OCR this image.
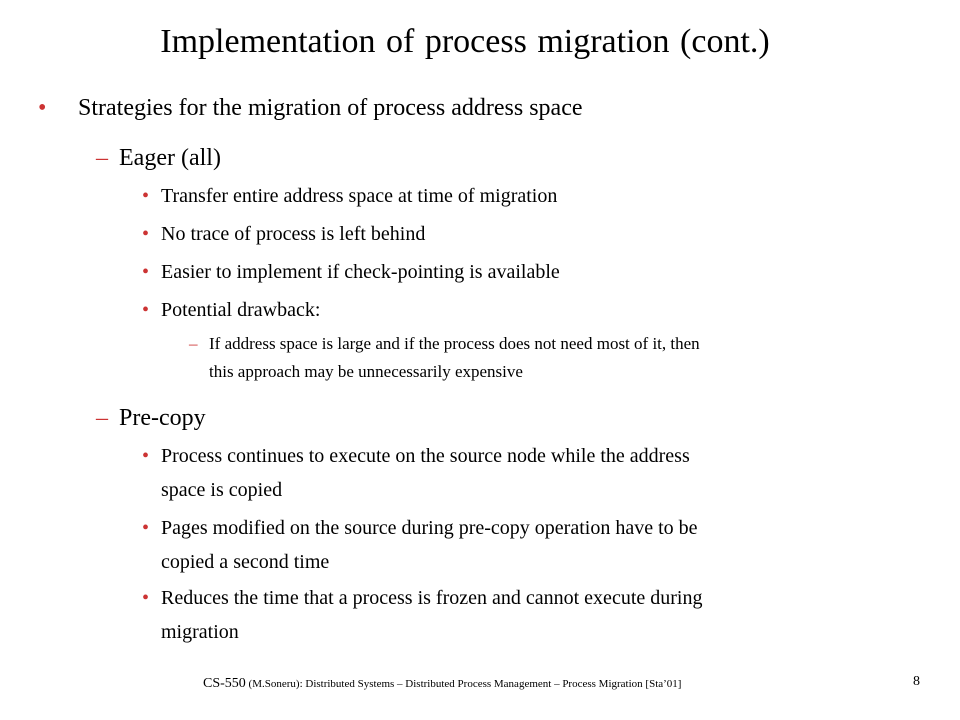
Implementation of process migration (cont.)
• Strategies for the migration of process address space
– Eager (all)
• Transfer entire address space at time of migration
• No trace of process is left behind
• Easier to implement if check-pointing is available
• Potential drawback:
– If address space is large and if the process does not need most of it, then
this approach may be unnecessarily expensive
– Pre-copy
• Process continues to execute on the source node while the address
space is copied
• Pages modified on the source during pre-copy operation have to be
copied a second time
• Reduces the time that a process is frozen and cannot execute during
migration
CS-550 (M.Soneru): Distributed Systems – Distributed Process Management – Process Migration [Sta’01]	8
